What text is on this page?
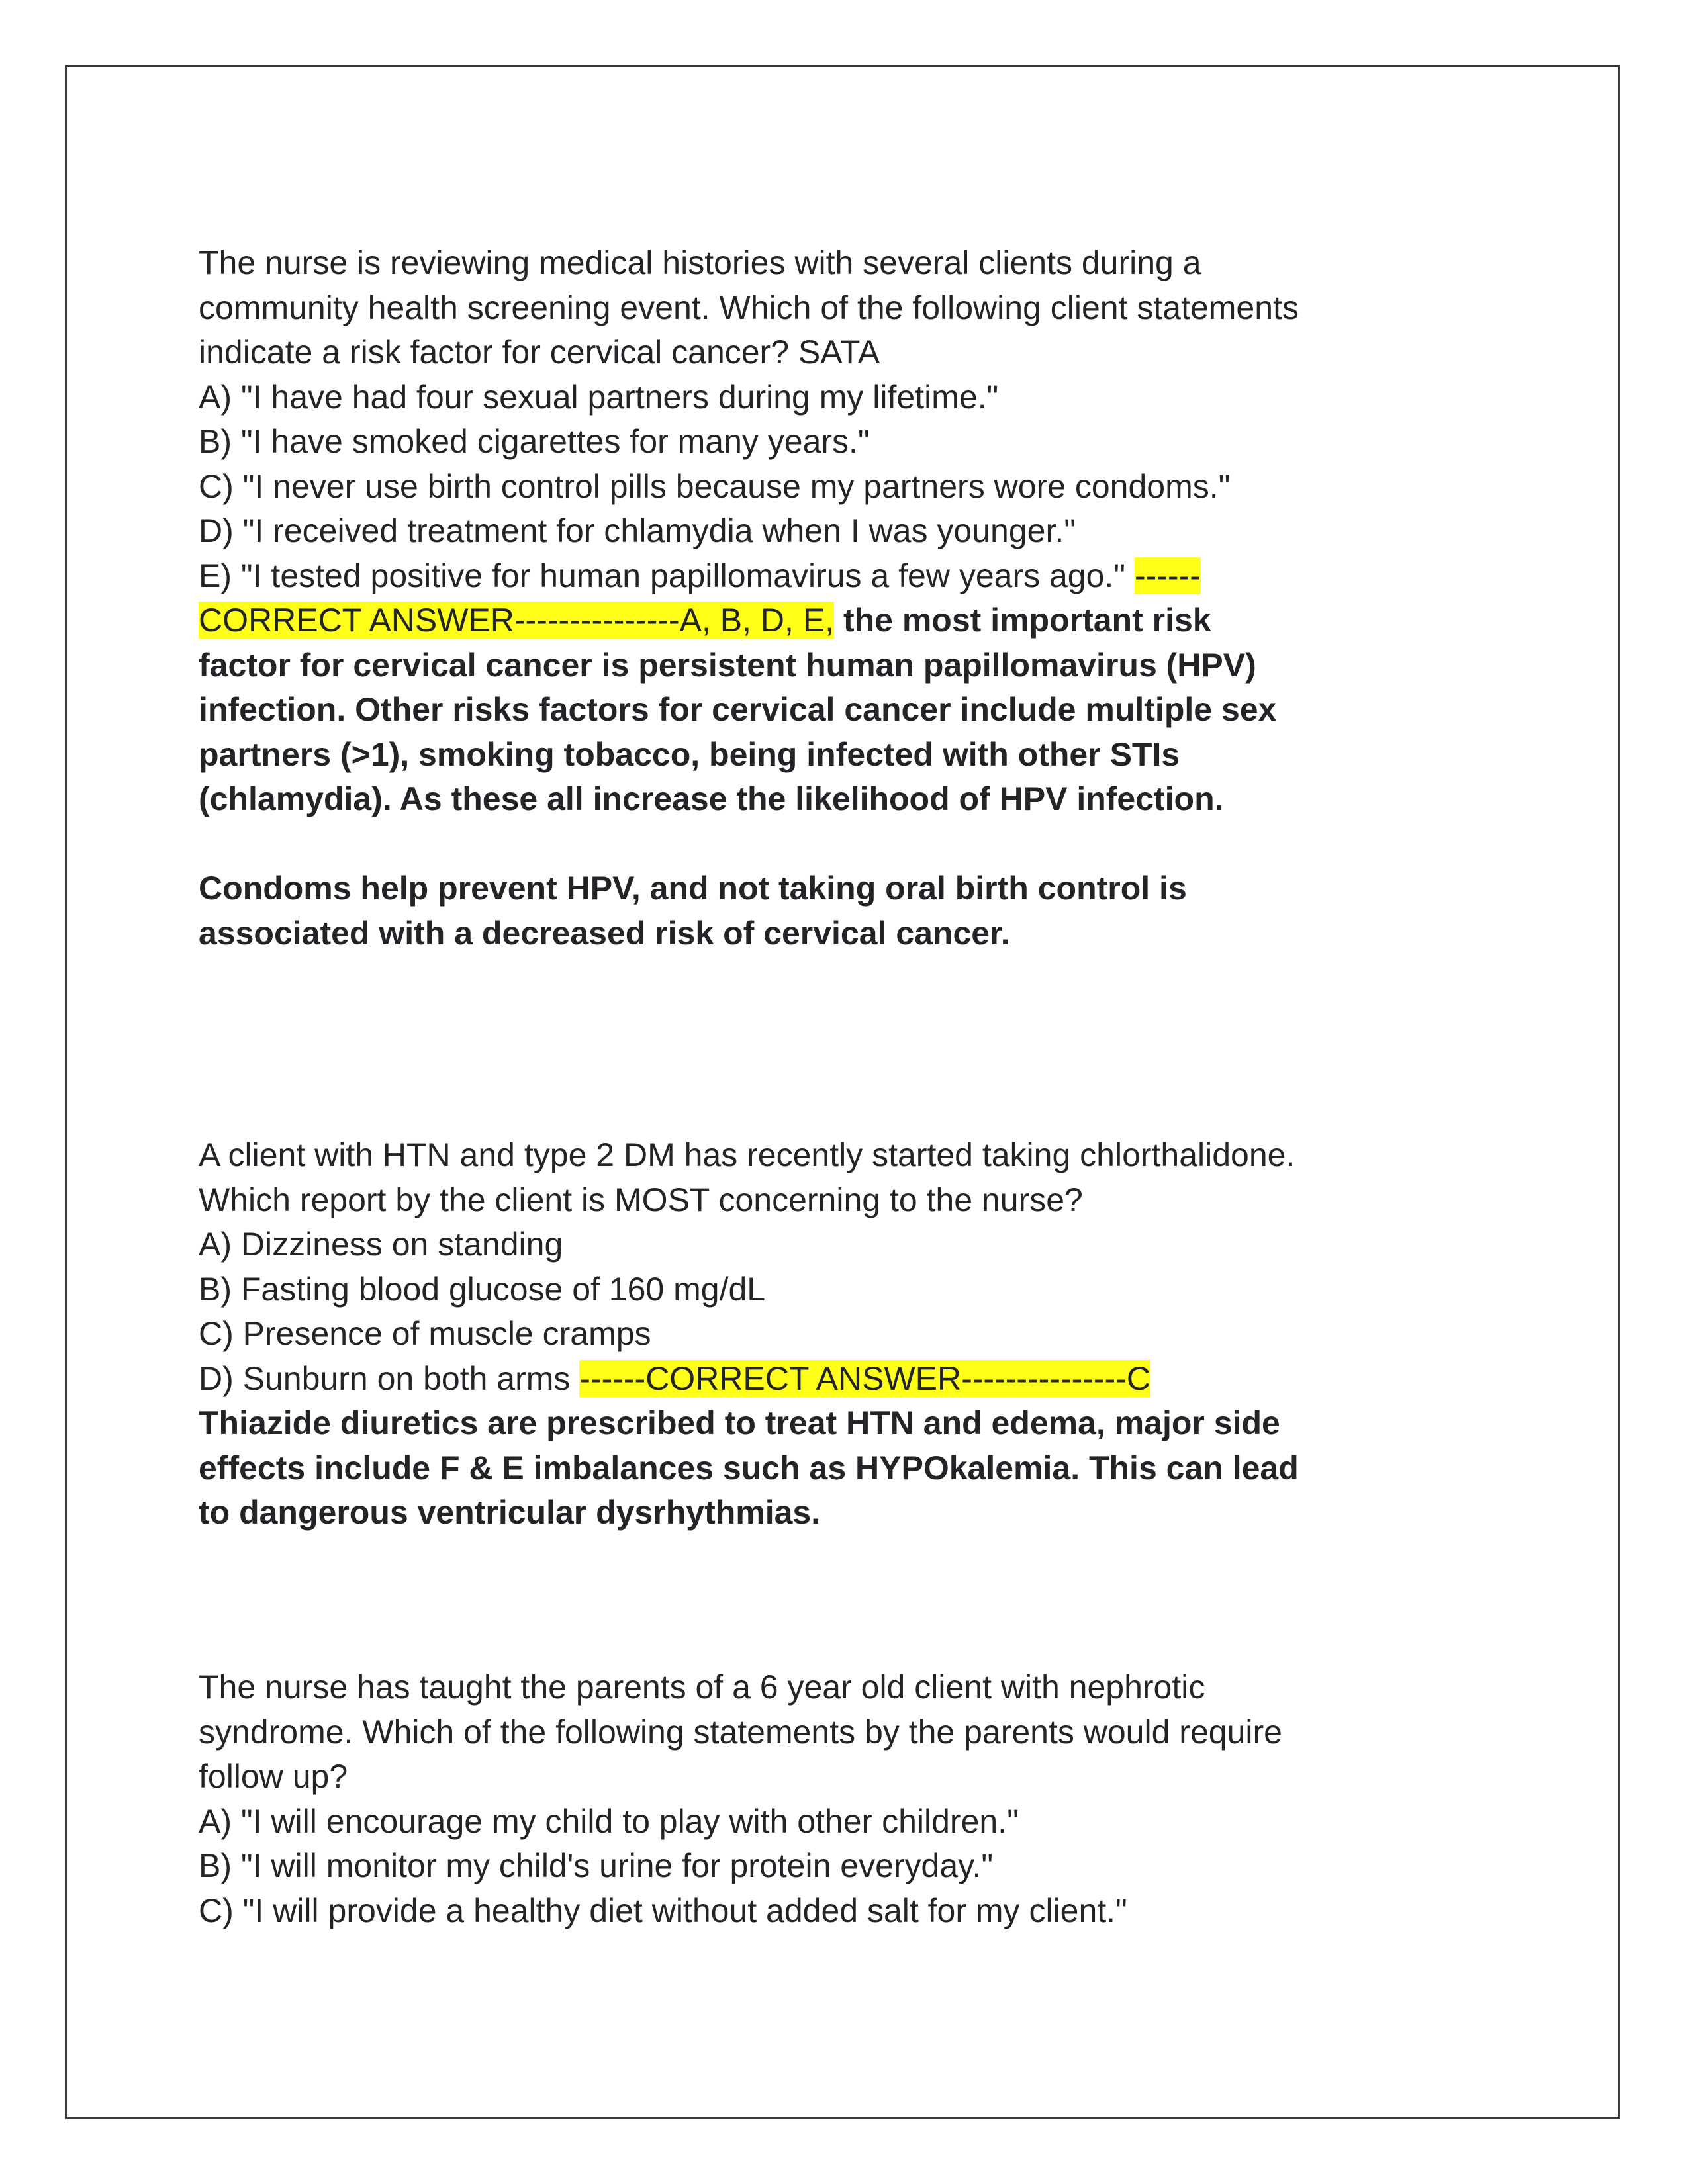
The nurse is reviewing medical histories with several clients during a
community health screening event. Which of the following client statements
indicate a risk factor for cervical cancer? SATA
A) "I have had four sexual partners during my lifetime."
B) "I have smoked cigarettes for many years."
C) "I never use birth control pills because my partners wore condoms."
D) "I received treatment for chlamydia when I was younger."
E) "I tested positive for human papillomavirus a few years ago." ------
CORRECT ANSWER---------------A, B, D, E, the most important risk
factor for cervical cancer is persistent human papillomavirus (HPV)
infection. Other risks factors for cervical cancer include multiple sex
partners (>1), smoking tobacco, being infected with other STIs
(chlamydia). As these all increase the likelihood of HPV infection.
Condoms help prevent HPV, and not taking oral birth control is
associated with a decreased risk of cervical cancer.
A client with HTN and type 2 DM has recently started taking chlorthalidone.
Which report by the client is MOST concerning to the nurse?
A) Dizziness on standing
B) Fasting blood glucose of 160 mg/dL
C) Presence of muscle cramps
D) Sunburn on both arms ------CORRECT ANSWER---------------C
Thiazide diuretics are prescribed to treat HTN and edema, major side
effects include F & E imbalances such as HYPOkalemia. This can lead
to dangerous ventricular dysrhythmias.
The nurse has taught the parents of a 6 year old client with nephrotic
syndrome. Which of the following statements by the parents would require
follow up?
A) "I will encourage my child to play with other children."
B) "I will monitor my child's urine for protein everyday."
C) "I will provide a healthy diet without added salt for my client."
